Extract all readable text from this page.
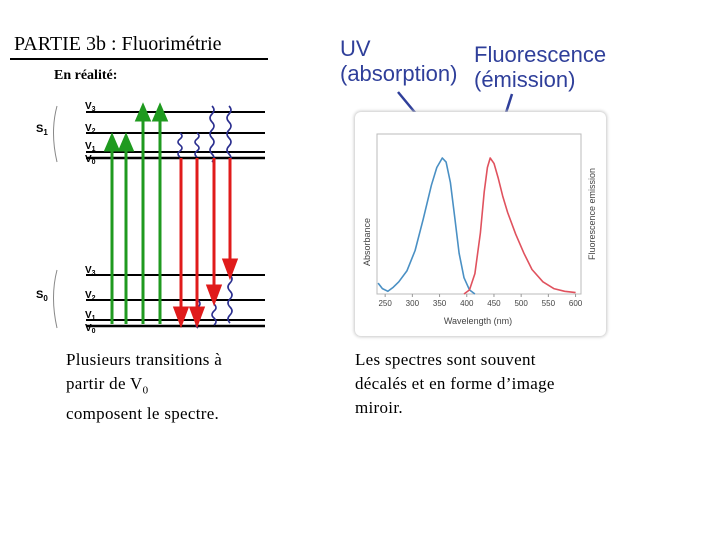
PARTIE 3b : Fluorimétrie
En réalité:
$S_1$
$S_0$
$V_3$
$V_2$
$V_1$
$V_0$
$V_3$
$V_2$
$V_1$
$V_0$
UV
(absorption)
Fluorescence
(émission)
250 300 350 400 450 500 550 600
Wavelength (nm)
Absorbance	Fluorescence emission
Plusieurs transitions à
partir de $V_0$
composent le spectre.
Les spectres sont souvent
décalés et en forme d’image
miroir.
